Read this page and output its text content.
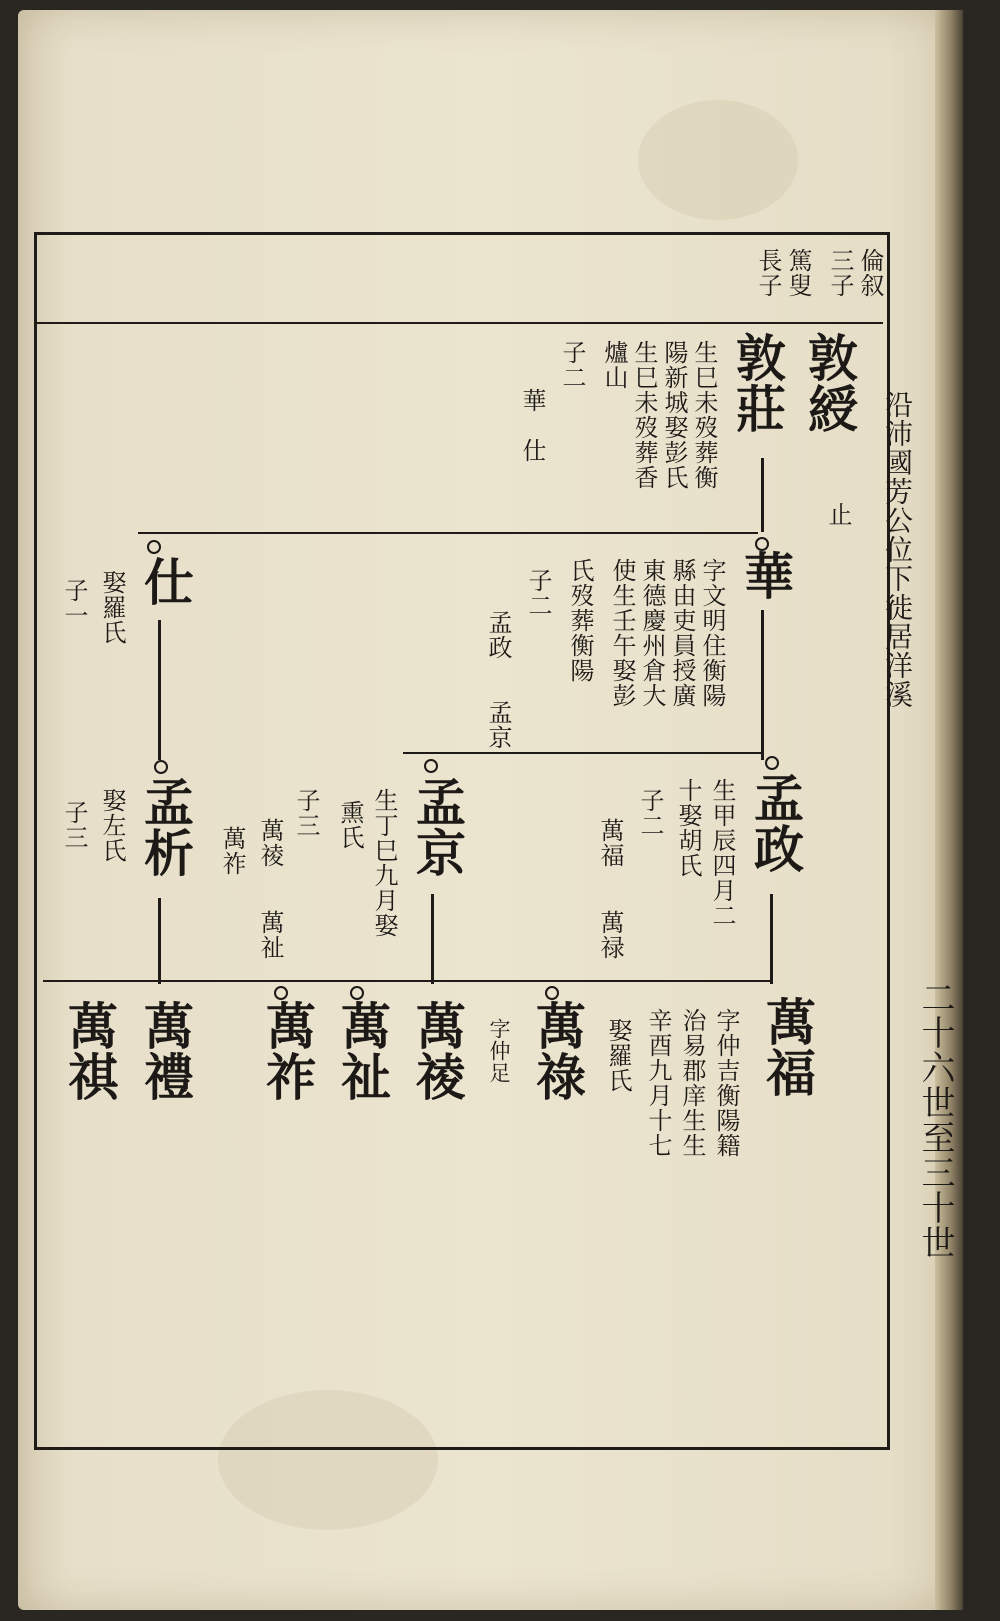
沿沛國芳公位下徙居洋溪
二十六世至三十世
倫叙
三子
篤叟
長子
敦綬
止
敦莊
生巳未歿葬衡
陽新城娶彭氏
生巳未歿葬香
爐山
子二
華
仕
華
字文明住衡陽
縣由吏員授廣
東德慶州倉大
使生壬午娶彭
氏歿葬衡陽
子二
孟政
孟京
仕
娶羅氏
子一
孟政
生甲辰四月二
十娶胡氏
子二
萬福
萬禄
孟京
生丁巳九月娶
熏氏
子三
萬祾
萬祉
萬祚
孟析
娶左氏
子三
萬福
字仲吉衡陽籍
治易郡庠生生
辛酉九月十七
娶羅氏
萬祿
字仲足
萬祾
萬祉
萬祚
萬禮
萬祺
